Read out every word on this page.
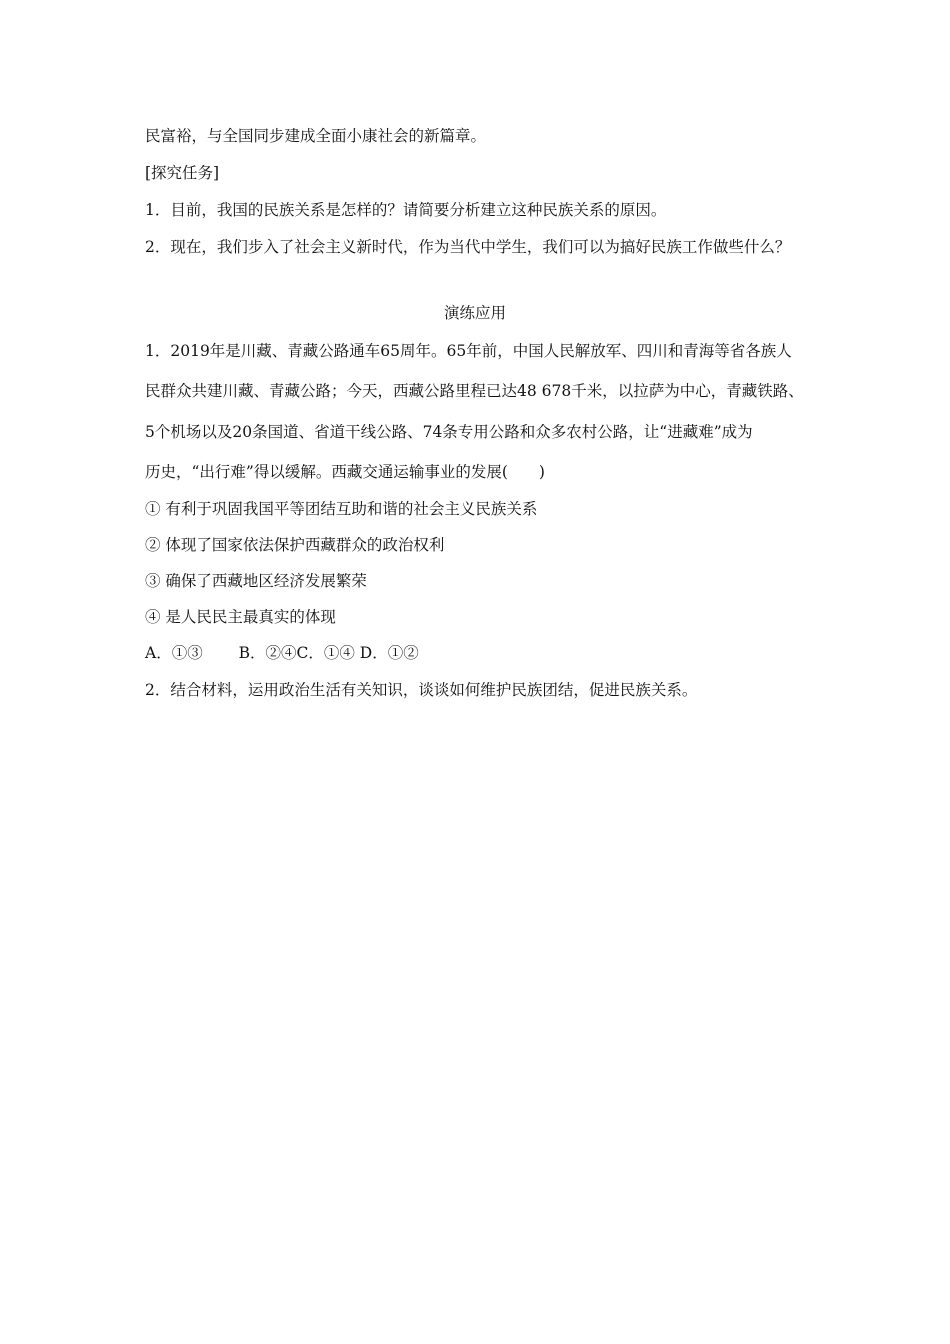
民富裕，与全国同步建成全面小康社会的新篇章。
[探究任务]
1．目前，我国的民族关系是怎样的？请简要分析建立这种民族关系的原因。
2．现在，我们步入了社会主义新时代，作为当代中学生，我们可以为搞好民族工作做些什么？
演练应用
1．2019年是川藏、青藏公路通车65周年。65年前，中国人民解放军、四川和青海等省各族人
民群众共建川藏、青藏公路；今天，西藏公路里程已达48 678千米，以拉萨为中心，青藏铁路、
5个机场以及20条国道、省道干线公路、74条专用公路和众多农村公路，让“进藏难”成为
历史，“出行难”得以缓解。西藏交通运输事业的发展(　　)
① 有利于巩固我国平等团结互助和谐的社会主义民族关系
② 体现了国家依法保护西藏群众的政治权利
③ 确保了西藏地区经济发展繁荣
④ 是人民民主最真实的体现
A．①③　　 B．②④C．①④ D．①②
2．结合材料，运用政治生活有关知识，谈谈如何维护民族团结，促进民族关系。
